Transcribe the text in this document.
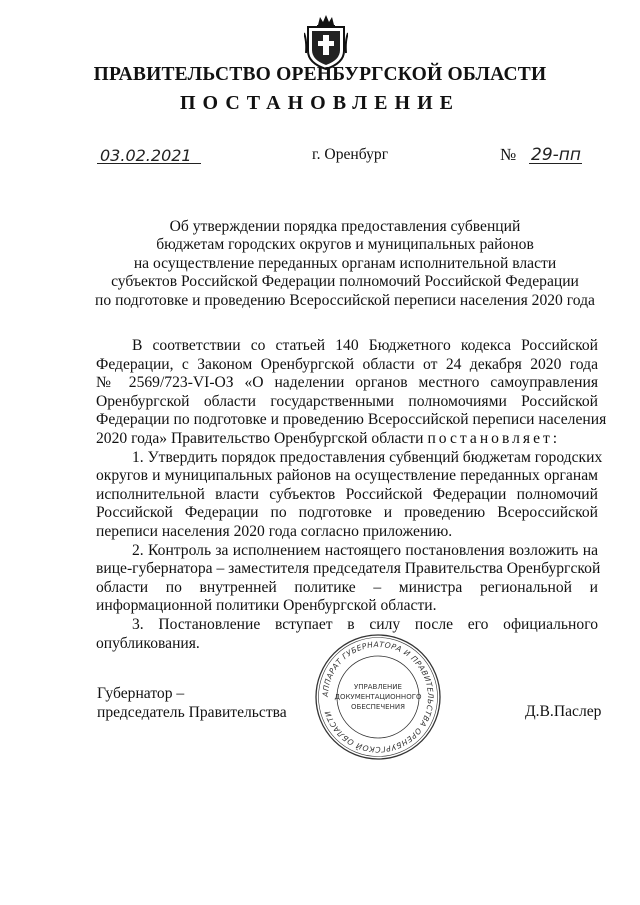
ПРАВИТЕЛЬСТВО ОРЕНБУРГСКОЙ ОБЛАСТИ
ПОСТАНОВЛЕНИЕ
03.02.2021	г. Оренбург	№ 29-пп
Об утверждении порядка предоставления субвенций
бюджетам городских округов и муниципальных районов
на осуществление переданных органам исполнительной власти
субъектов Российской Федерации полномочий Российской Федерации
по подготовке и проведению Всероссийской переписи населения 2020 года
В соответствии со статьей 140 Бюджетного кодекса Российской
Федерации, с Законом Оренбургской области от 24 декабря 2020 года
№ 2569/723-VI-ОЗ «О наделении органов местного самоуправления
Оренбургской области государственными полномочиями Российской
Федерации по подготовке и проведению Всероссийской переписи населения
2020 года» Правительство Оренбургской области постановляет:
1. Утвердить порядок предоставления субвенций бюджетам городских
округов и муниципальных районов на осуществление переданных органам
исполнительной власти субъектов Российской Федерации полномочий
Российской Федерации по подготовке и проведению Всероссийской
переписи населения 2020 года согласно приложению.
2. Контроль за исполнением настоящего постановления возложить на
вице-губернатора – заместителя председателя Правительства Оренбургской
области по внутренней политике – министра региональной и
информационной политики Оренбургской области.
3. Постановление вступает в силу после его официального
опубликования.
Губернатор –
председатель Правительства	Д.В.Паслер
АППАРАТ ГУБЕРНАТОРА И ПРАВИТЕЛЬСТВА ОРЕНБУРГСКОЙ ОБЛАСТИ
УПРАВЛЕНИЕ
ДОКУМЕНТАЦИОННОГО
ОБЕСПЕЧЕНИЯ
